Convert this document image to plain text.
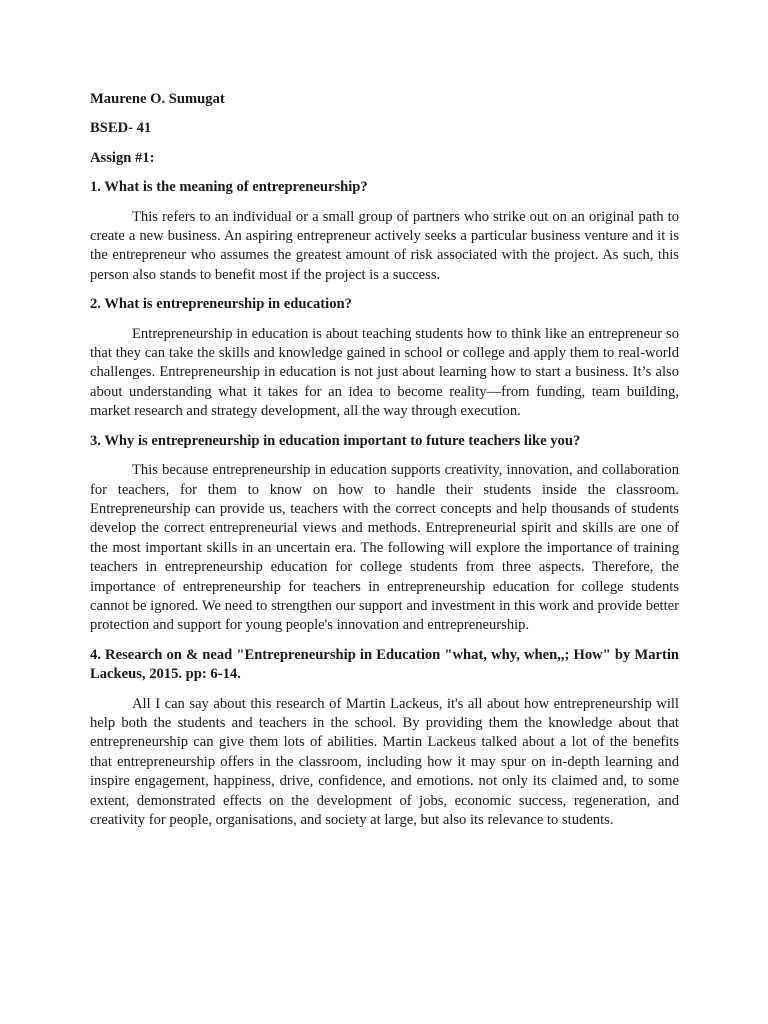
Maurene O. Sumugat

BSED- 41

Assign #1:

1. What is the meaning of entrepreneurship?

This refers to an individual or a small group of partners who strike out on an original path to create a new business. An aspiring entrepreneur actively seeks a particular business venture and it is the entrepreneur who assumes the greatest amount of risk associated with the project. As such, this person also stands to benefit most if the project is a success.

2. What is entrepreneurship in education?

Entrepreneurship in education is about teaching students how to think like an entrepreneur so that they can take the skills and knowledge gained in school or college and apply them to real-world challenges. Entrepreneurship in education is not just about learning how to start a business. It’s also about understanding what it takes for an idea to become reality—from funding, team building, market research and strategy development, all the way through execution.

3. Why is entrepreneurship in education important to future teachers like you?

This because entrepreneurship in education supports creativity, innovation, and collaboration for teachers, for them to know on how to handle their students inside the classroom. Entrepreneurship can provide us, teachers with the correct concepts and help thousands of students develop the correct entrepreneurial views and methods. Entrepreneurial spirit and skills are one of the most important skills in an uncertain era. The following will explore the importance of training teachers in entrepreneurship education for college students from three aspects. Therefore, the importance of entrepreneurship for teachers in entrepreneurship education for college students cannot be ignored. We need to strengthen our support and investment in this work and provide better protection and support for young people's innovation and entrepreneurship.

4. Research on & nead "Entrepreneurship in Education "what, why, when,,; How" by Martin Lackeus, 2015. pp: 6-14.

All I can say about this research of Martin Lackeus, it's all about how entrepreneurship will help both the students and teachers in the school. By providing them the knowledge about that entrepreneurship can give them lots of abilities. Martin Lackeus talked about a lot of the benefits that entrepreneurship offers in the classroom, including how it may spur on in-depth learning and inspire engagement, happiness, drive, confidence, and emotions. not only its claimed and, to some extent, demonstrated effects on the development of jobs, economic success, regeneration, and creativity for people, organisations, and society at large, but also its relevance to students.
